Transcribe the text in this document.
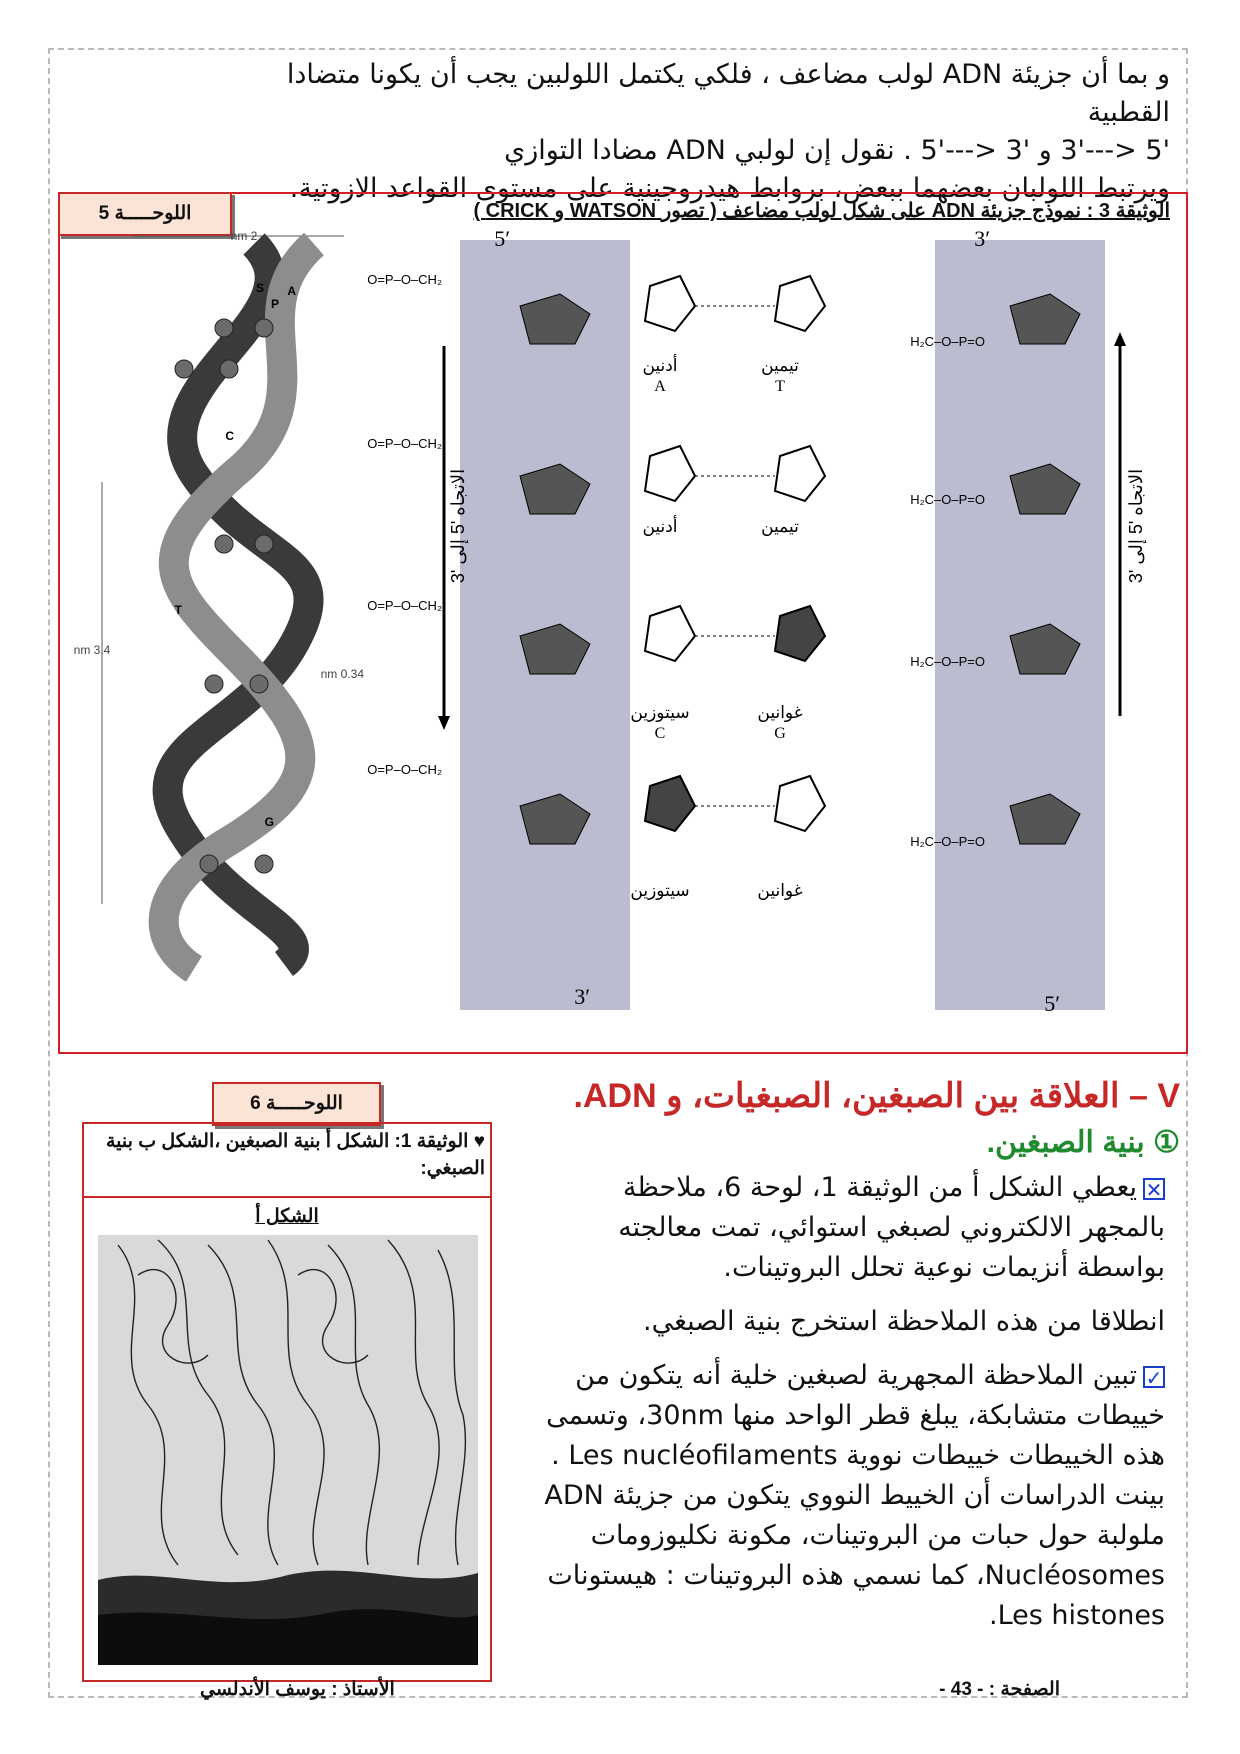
و بما أن جزيئة ADN لولب مضاعف ، فلكي يكتمل اللولبين يجب أن يكونا متضادا القطبية

'5 <---'3 و '3 <---'5 . نقول إن لولبي ADN مضادا التوازي

ويرتبط اللولبان بعضهما ببعض، بروابط هيدروجينية على مستوى القواعد الازوتية.

اللوحـــــة 5	الوثيقة 3 : نموذج جزيئة ADN على شكل لولب مضاعف ( تصور WATSON و CRICK )
2 nm
3.4 nm
0.34 nm
S
P
A
T
C
G
5′	3′
3′	5′
الاتجاه '5 إلى '3
الاتجاه '5 إلى '3
O=P–O–CH₂
H₂C–O–P=O
أدنين
A
تيمين
T
O=P–O–CH₂
H₂C–O–P=O
أدنين	تيمين
O=P–O–CH₂
H₂C–O–P=O
سيتوزين
C
غوانين
G
O=P–O–CH₂
H₂C–O–P=O
سيتوزين	غوانين
V – العلاقة بين الصبغين، الصبغيات، و ADN.
① بنية الصبغين.
اللوحـــــة 6
♥ الوثيقة 1: الشكل أ بنية الصبغين ،الشكل ب بنية الصبغي:
الشكل أ

✕يعطي الشكل أ من الوثيقة 1، لوحة 6، ملاحظة بالمجهر الالكتروني لصبغي استوائي، تمت معالجته بواسطة أنزيمات نوعية تحلل البروتينات.

انطلاقا من هذه الملاحظة استخرج بنية الصبغي.

✓تبين الملاحظة المجهرية لصبغين خلية أنه يتكون من خييطات متشابكة، يبلغ قطر الواحد منها 30nm، وتسمى هذه الخييطات خييطات نووية Les nucléofilaments . بينت الدراسات أن الخييط النووي يتكون من جزيئة ADN ملولبة حول حبات من البروتينات، مكونة نكليوزومات Nucléosomes، كما نسمي هذه البروتينات : هيستونات Les histones.

الأستاذ : يوسف الأندلسي	الصفحة : - 43 -
